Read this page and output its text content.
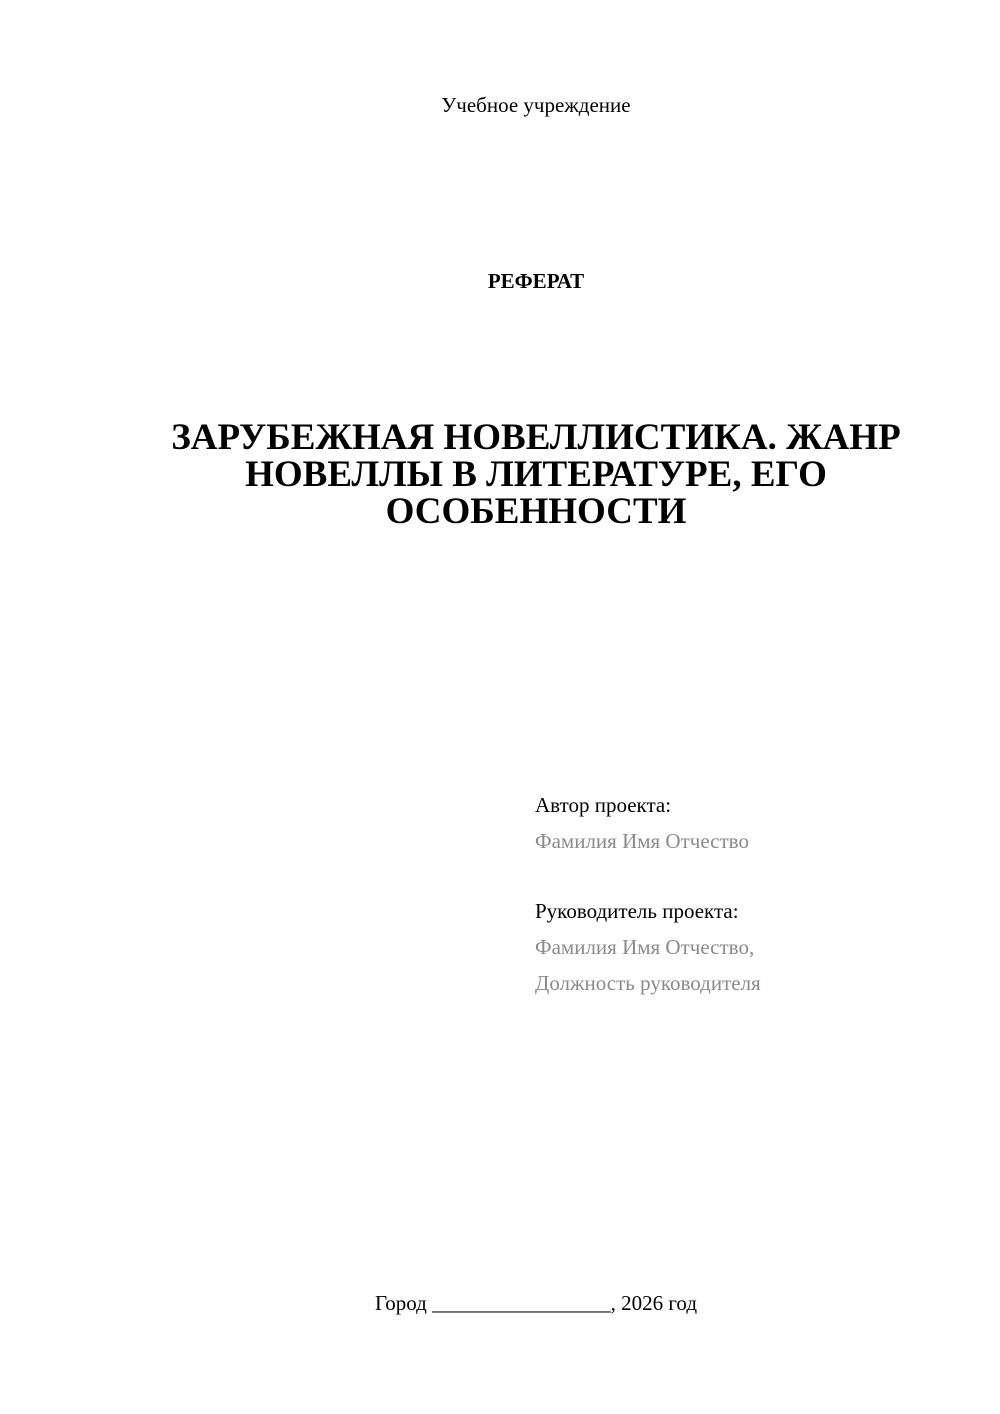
Учебное учреждение
РЕФЕРАТ
ЗАРУБЕЖНАЯ НОВЕЛЛИСТИКА. ЖАНР НОВЕЛЛЫ В ЛИТЕРАТУРЕ, ЕГО ОСОБЕННОСТИ
Автор проекта:
Фамилия Имя Отчество
Руководитель проекта:
Фамилия Имя Отчество,
Должность руководителя
Город _________________, 2026 год
